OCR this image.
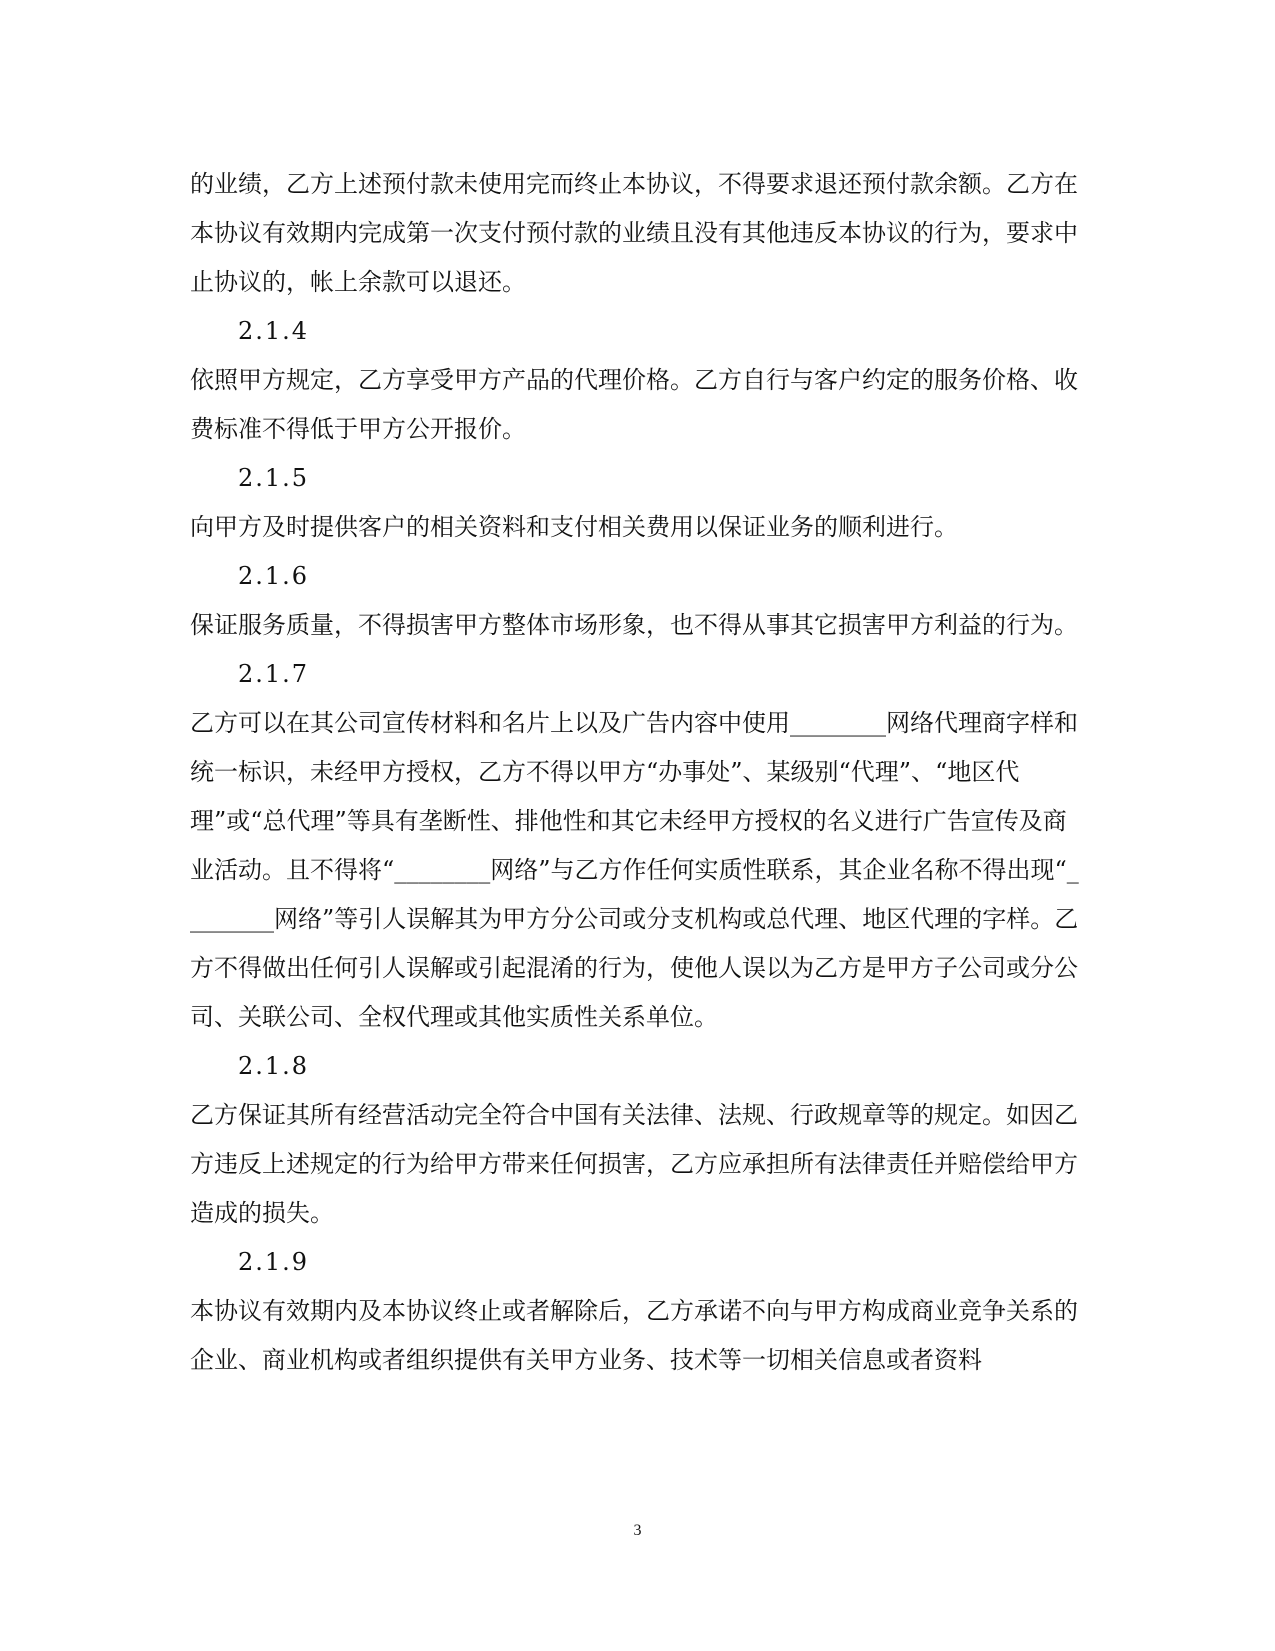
的业绩，乙方上述预付款未使用完而终止本协议，不得要求退还预付款余额。乙方在本协议有效期内完成第一次支付预付款的业绩且没有其他违反本协议的行为，要求中止协议的，帐上余款可以退还。

2.1.4

依照甲方规定，乙方享受甲方产品的代理价格。乙方自行与客户约定的服务价格、收费标准不得低于甲方公开报价。

2.1.5

向甲方及时提供客户的相关资料和支付相关费用以保证业务的顺利进行。

2.1.6

保证服务质量，不得损害甲方整体市场形象，也不得从事其它损害甲方利益的行为。

2.1.7

乙方可以在其公司宣传材料和名片上以及广告内容中使用________网络代理商字样和统一标识，未经甲方授权，乙方不得以甲方“办事处”、某级别“代理”、“地区代理”或“总代理”等具有垄断性、排他性和其它未经甲方授权的名义进行广告宣传及商业活动。且不得将“________网络”与乙方作任何实质性联系，其企业名称不得出现“________网络”等引人误解其为甲方分公司或分支机构或总代理、地区代理的字样。乙方不得做出任何引人误解或引起混淆的行为，使他人误以为乙方是甲方子公司或分公司、关联公司、全权代理或其他实质性关系单位。

2.1.8

乙方保证其所有经营活动完全符合中国有关法律、法规、行政规章等的规定。如因乙方违反上述规定的行为给甲方带来任何损害，乙方应承担所有法律责任并赔偿给甲方造成的损失。

2.1.9

本协议有效期内及本协议终止或者解除后，乙方承诺不向与甲方构成商业竞争关系的企业、商业机构或者组织提供有关甲方业务、技术等一切相关信息或者资料

3
